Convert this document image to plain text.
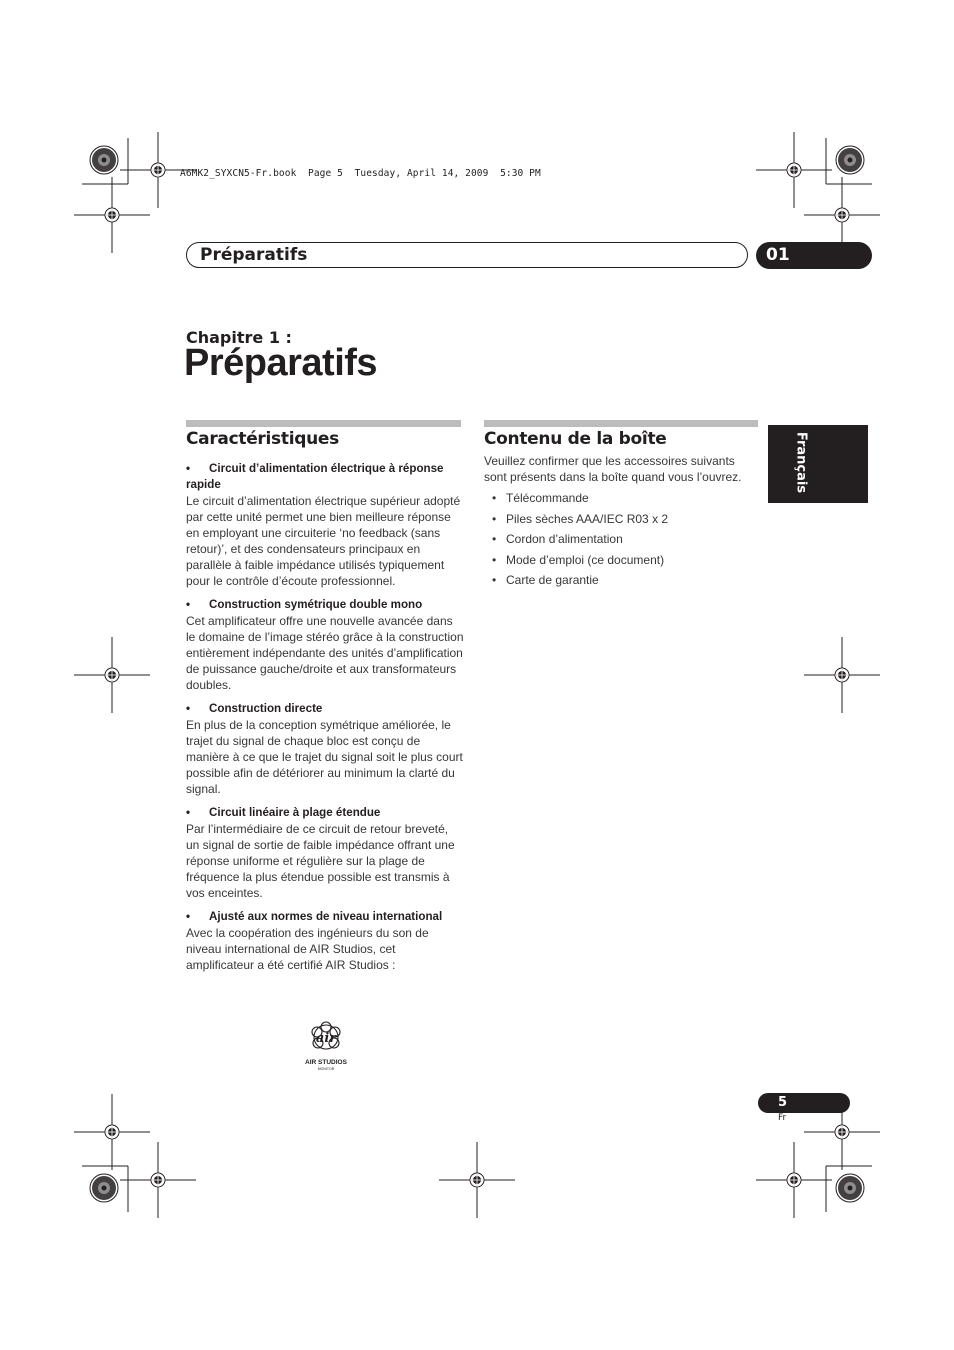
A6MK2_SYXCN5-Fr.book  Page 5  Tuesday, April 14, 2009  5:30 PM
Préparatifs	01
Chapitre 1 :
Préparatifs
Caractéristiques
• Circuit d’alimentation électrique à réponse rapide
Le circuit d’alimentation électrique supérieur adopté par cette unité permet une bien meilleure réponse en employant une circuiterie ‘no feedback (sans retour)’, et des condensateurs principaux en parallèle à faible impédance utilisés typiquement pour le contrôle d’écoute professionnel.
• Construction symétrique double mono
Cet amplificateur offre une nouvelle avancée dans le domaine de l’image stéréo grâce à la construction entièrement indépendante des unités d’amplification de puissance gauche/droite et aux transformateurs doubles.
• Construction directe
En plus de la conception symétrique améliorée, le trajet du signal de chaque bloc est conçu de manière à ce que le trajet du signal soit le plus court possible afin de détériorer au minimum la clarté du signal.
• Circuit linéaire à plage étendue
Par l’intermédiaire de ce circuit de retour breveté, un signal de sortie de faible impédance offrant une réponse uniforme et régulière sur la plage de fréquence la plus étendue possible est transmis à vos enceintes.
• Ajusté aux normes de niveau international
Avec la coopération des ingénieurs du son de niveau international de AIR Studios, cet amplificateur a été certifié AIR Studios :
air
AIR STUDIOS
MONITOR
Contenu de la boîte
Veuillez confirmer que les accessoires suivants sont présents dans la boîte quand vous l’ouvrez.
• Télécommande
• Piles sèches AAA/IEC R03 x 2
• Cordon d’alimentation
• Mode d’emploi (ce document)
• Carte de garantie
Français
5
Fr
